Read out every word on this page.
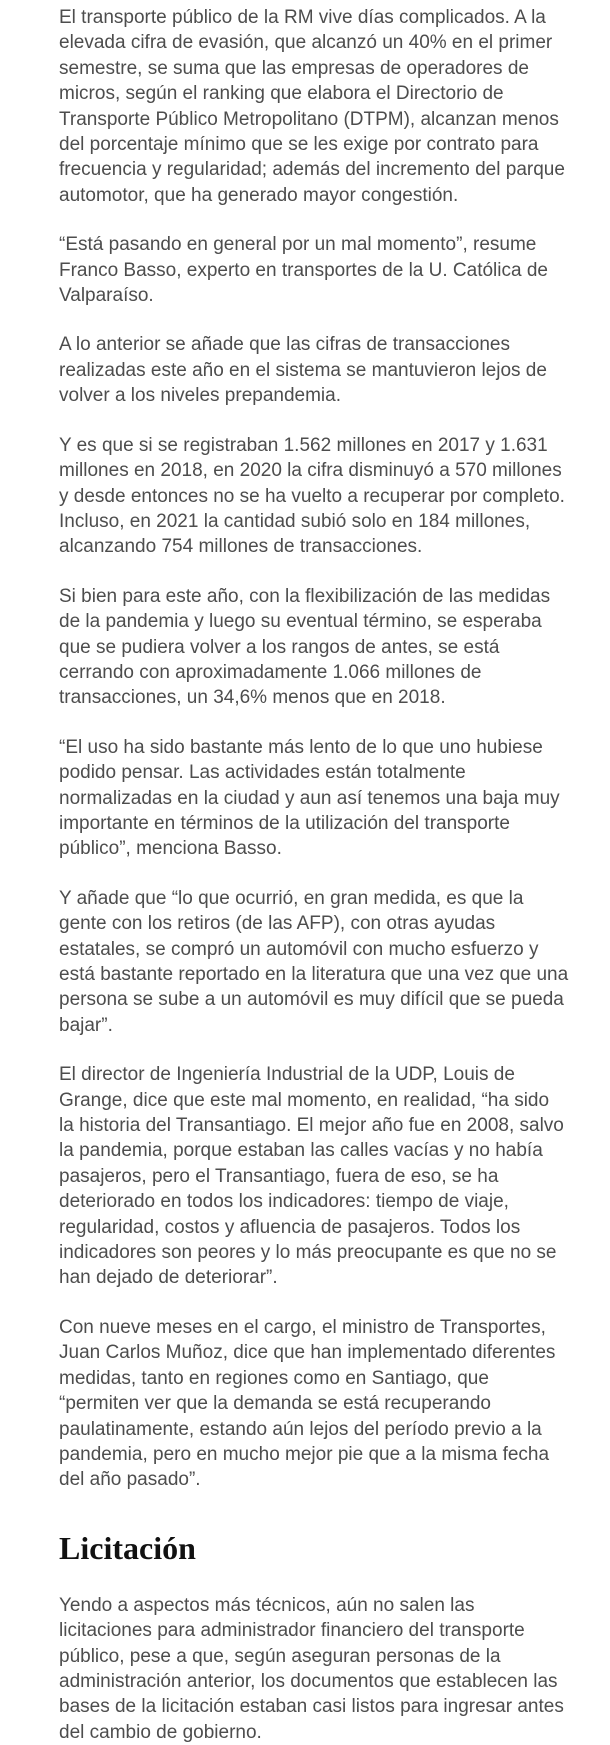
El transporte público de la RM vive días complicados. A la elevada cifra de evasión, que alcanzó un 40% en el primer semestre, se suma que las empresas de operadores de micros, según el ranking que elabora el Directorio de Transporte Público Metropolitano (DTPM), alcanzan menos del porcentaje mínimo que se les exige por contrato para frecuencia y regularidad; además del incremento del parque automotor, que ha generado mayor congestión.

“Está pasando en general por un mal momento”, resume Franco Basso, experto en transportes de la U. Católica de Valparaíso.

A lo anterior se añade que las cifras de transacciones realizadas este año en el sistema se mantuvieron lejos de volver a los niveles prepandemia.

Y es que si se registraban 1.562 millones en 2017 y 1.631 millones en 2018, en 2020 la cifra disminuyó a 570 millones y desde entonces no se ha vuelto a recuperar por completo. Incluso, en 2021 la cantidad subió solo en 184 millones, alcanzando 754 millones de transacciones.

Si bien para este año, con la flexibilización de las medidas de la pandemia y luego su eventual término, se esperaba que se pudiera volver a los rangos de antes, se está cerrando con aproximadamente 1.066 millones de transacciones, un 34,6% menos que en 2018.

“El uso ha sido bastante más lento de lo que uno hubiese podido pensar. Las actividades están totalmente normalizadas en la ciudad y aun así tenemos una baja muy importante en términos de la utilización del transporte público”, menciona Basso.

Y añade que “lo que ocurrió, en gran medida, es que la gente con los retiros (de las AFP), con otras ayudas estatales, se compró un automóvil con mucho esfuerzo y está bastante reportado en la literatura que una vez que una persona se sube a un automóvil es muy difícil que se pueda bajar”.

El director de Ingeniería Industrial de la UDP, Louis de Grange, dice que este mal momento, en realidad, “ha sido la historia del Transantiago. El mejor año fue en 2008, salvo la pandemia, porque estaban las calles vacías y no había pasajeros, pero el Transantiago, fuera de eso, se ha deteriorado en todos los indicadores: tiempo de viaje, regularidad, costos y afluencia de pasajeros. Todos los indicadores son peores y lo más preocupante es que no se han dejado de deteriorar”.

Con nueve meses en el cargo, el ministro de Transportes, Juan Carlos Muñoz, dice que han implementado diferentes medidas, tanto en regiones como en Santiago, que “permiten ver que la demanda se está recuperando paulatinamente, estando aún lejos del período previo a la pandemia, pero en mucho mejor pie que a la misma fecha del año pasado”.

Licitación

Yendo a aspectos más técnicos, aún no salen las licitaciones para administrador financiero del transporte público, pese a que, según aseguran personas de la administración anterior, los documentos que establecen las bases de la licitación estaban casi listos para ingresar antes del cambio de gobierno.
